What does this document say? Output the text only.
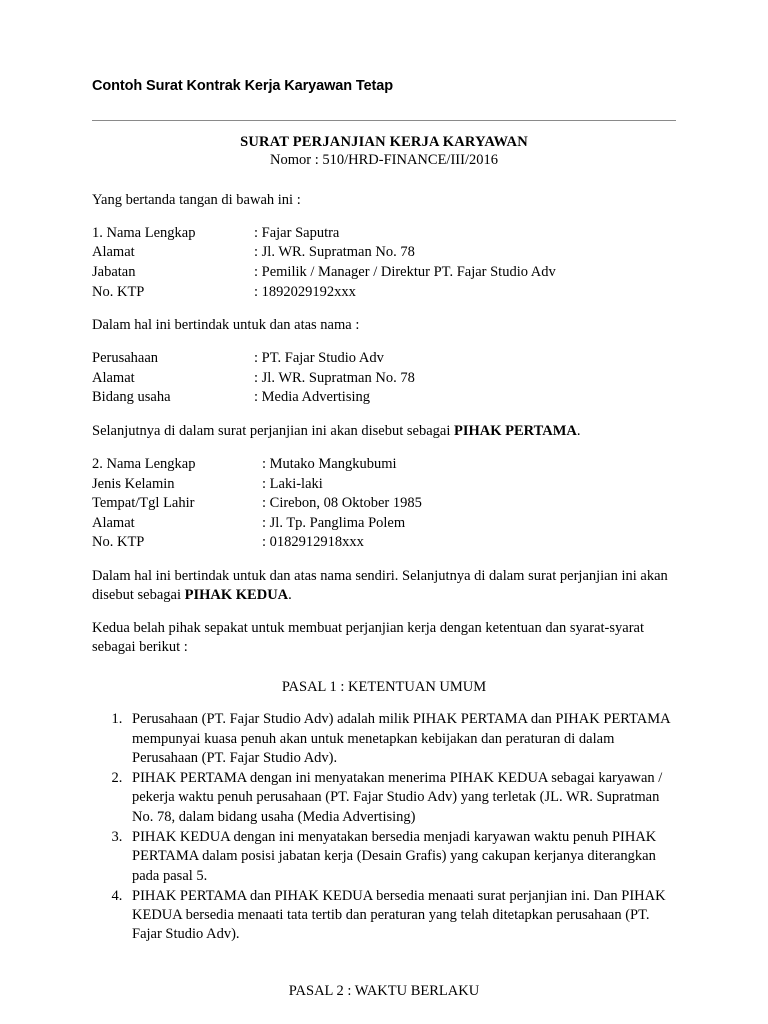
Contoh Surat Kontrak Kerja Karyawan Tetap
SURAT PERJANJIAN KERJA KARYAWAN
Nomor : 510/HRD-FINANCE/III/2016

Yang bertanda tangan di bawah ini :

1. Nama Lengkap	: Fajar Saputra
Alamat	: Jl. WR. Supratman No. 78
Jabatan	: Pemilik / Manager / Direktur PT. Fajar Studio Adv
No. KTP	: 1892029192xxx

Dalam hal ini bertindak untuk dan atas nama :

Perusahaan	: PT. Fajar Studio Adv
Alamat	: Jl. WR. Supratman No. 78
Bidang usaha	: Media Advertising

Selanjutnya di dalam surat perjanjian ini akan disebut sebagai PIHAK PERTAMA.

2. Nama Lengkap	: Mutako Mangkubumi
Jenis Kelamin	: Laki-laki
Tempat/Tgl Lahir	: Cirebon, 08 Oktober 1985
Alamat	: Jl. Tp. Panglima Polem
No. KTP	: 0182912918xxx

Dalam hal ini bertindak untuk dan atas nama sendiri. Selanjutnya di dalam surat perjanjian ini akan disebut sebagai PIHAK KEDUA.

Kedua belah pihak sepakat untuk membuat perjanjian kerja dengan ketentuan dan syarat-syarat sebagai berikut :

PASAL 1 : KETENTUAN UMUM
1. Perusahaan (PT. Fajar Studio Adv) adalah milik PIHAK PERTAMA dan PIHAK PERTAMA mempunyai kuasa penuh akan untuk menetapkan kebijakan dan peraturan di dalam Perusahaan (PT. Fajar Studio Adv).
2. PIHAK PERTAMA dengan ini menyatakan menerima PIHAK KEDUA sebagai karyawan / pekerja waktu penuh perusahaan (PT. Fajar Studio Adv) yang terletak (JL. WR. Supratman No. 78, dalam bidang usaha (Media Advertising)
3. PIHAK KEDUA dengan ini menyatakan bersedia menjadi karyawan waktu penuh PIHAK PERTAMA dalam posisi jabatan kerja (Desain Grafis) yang cakupan kerjanya diterangkan pada pasal 5.
4. PIHAK PERTAMA dan PIHAK KEDUA bersedia menaati surat perjanjian ini. Dan PIHAK KEDUA bersedia menaati tata tertib dan peraturan yang telah ditetapkan perusahaan (PT. Fajar Studio Adv).
PASAL 2 : WAKTU BERLAKU
